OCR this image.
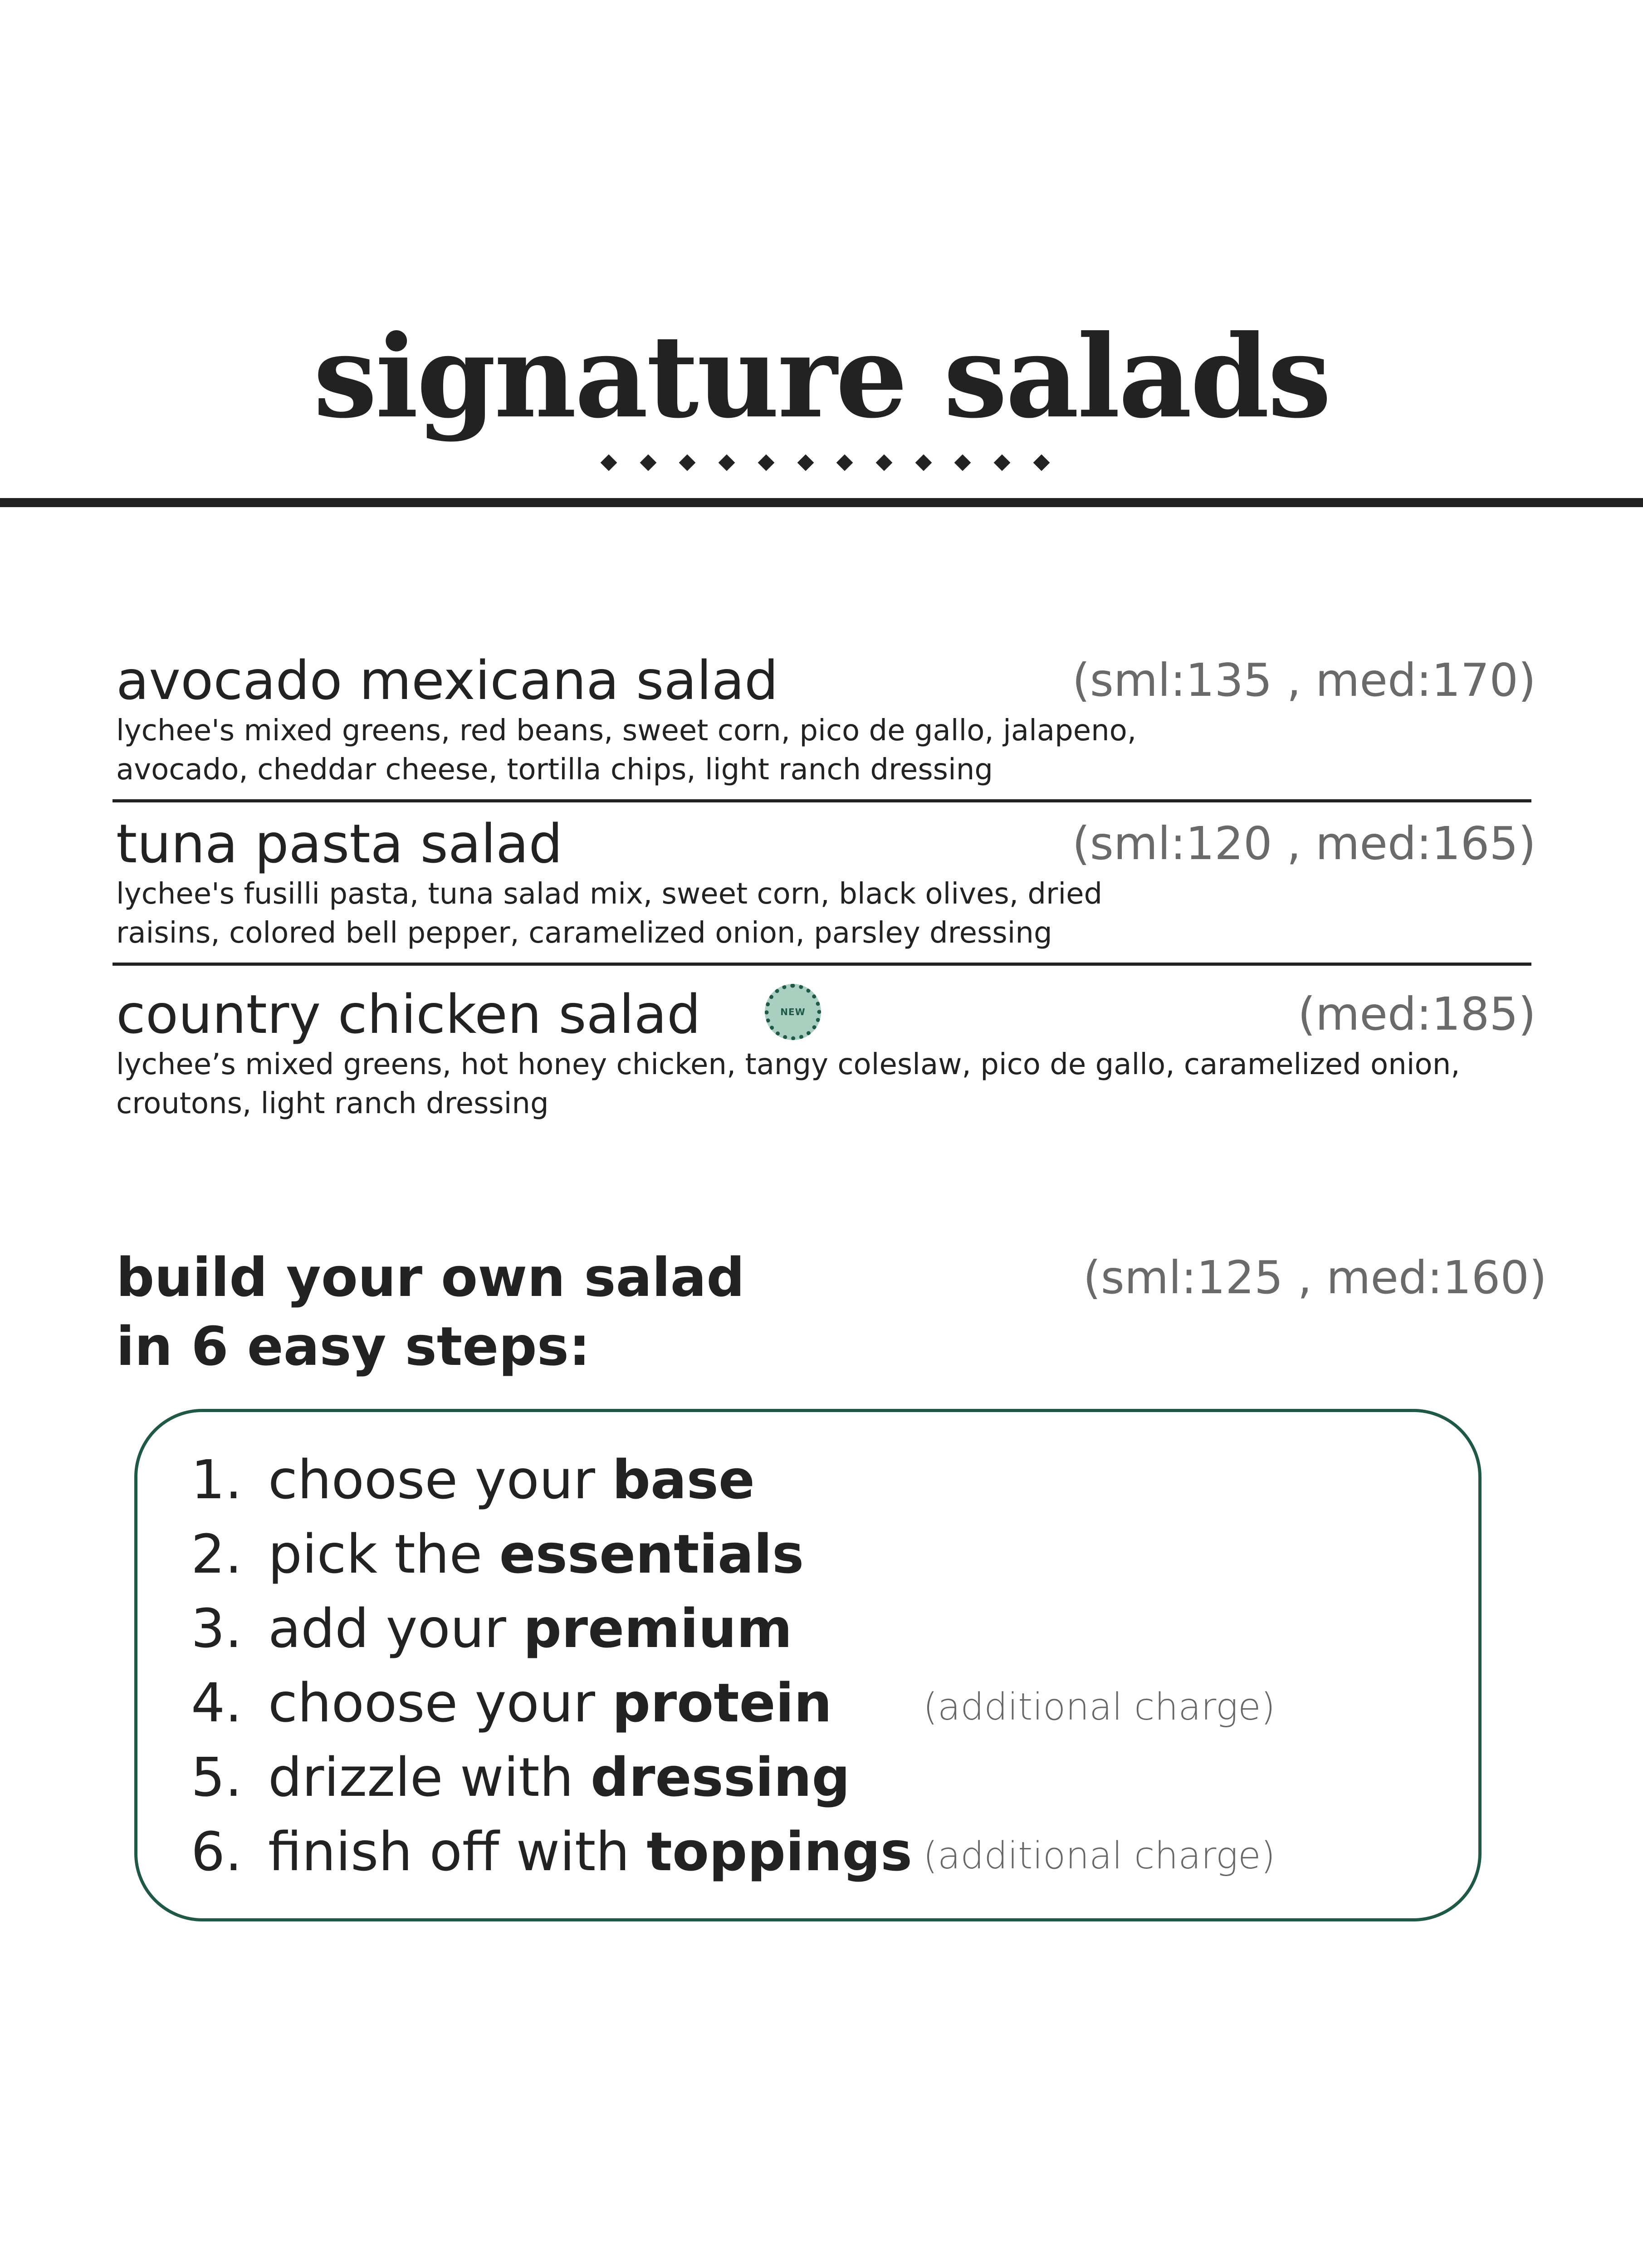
signature salads
avocado mexicana salad	(sml:135 , med:170)
lychee's mixed greens, red beans, sweet corn, pico de gallo, jalapeno,
avocado, cheddar cheese, tortilla chips, light ranch dressing
tuna pasta salad	(sml:120 , med:165)
lychee's fusilli pasta, tuna salad mix, sweet corn, black olives, dried
raisins, colored bell pepper, caramelized onion, parsley dressing
country chicken salad	(med:185)
lychee’s mixed greens, hot honey chicken, tangy coleslaw, pico de gallo, caramelized onion,
croutons, light ranch dressing
NEW
build your own salad
in 6 easy steps:
(sml:125 , med:160)
1. choose your base
2. pick the essentials
3. add your premium
4. choose your protein (additional charge)
5. drizzle with dressing
6. finish off with toppings (additional charge)
